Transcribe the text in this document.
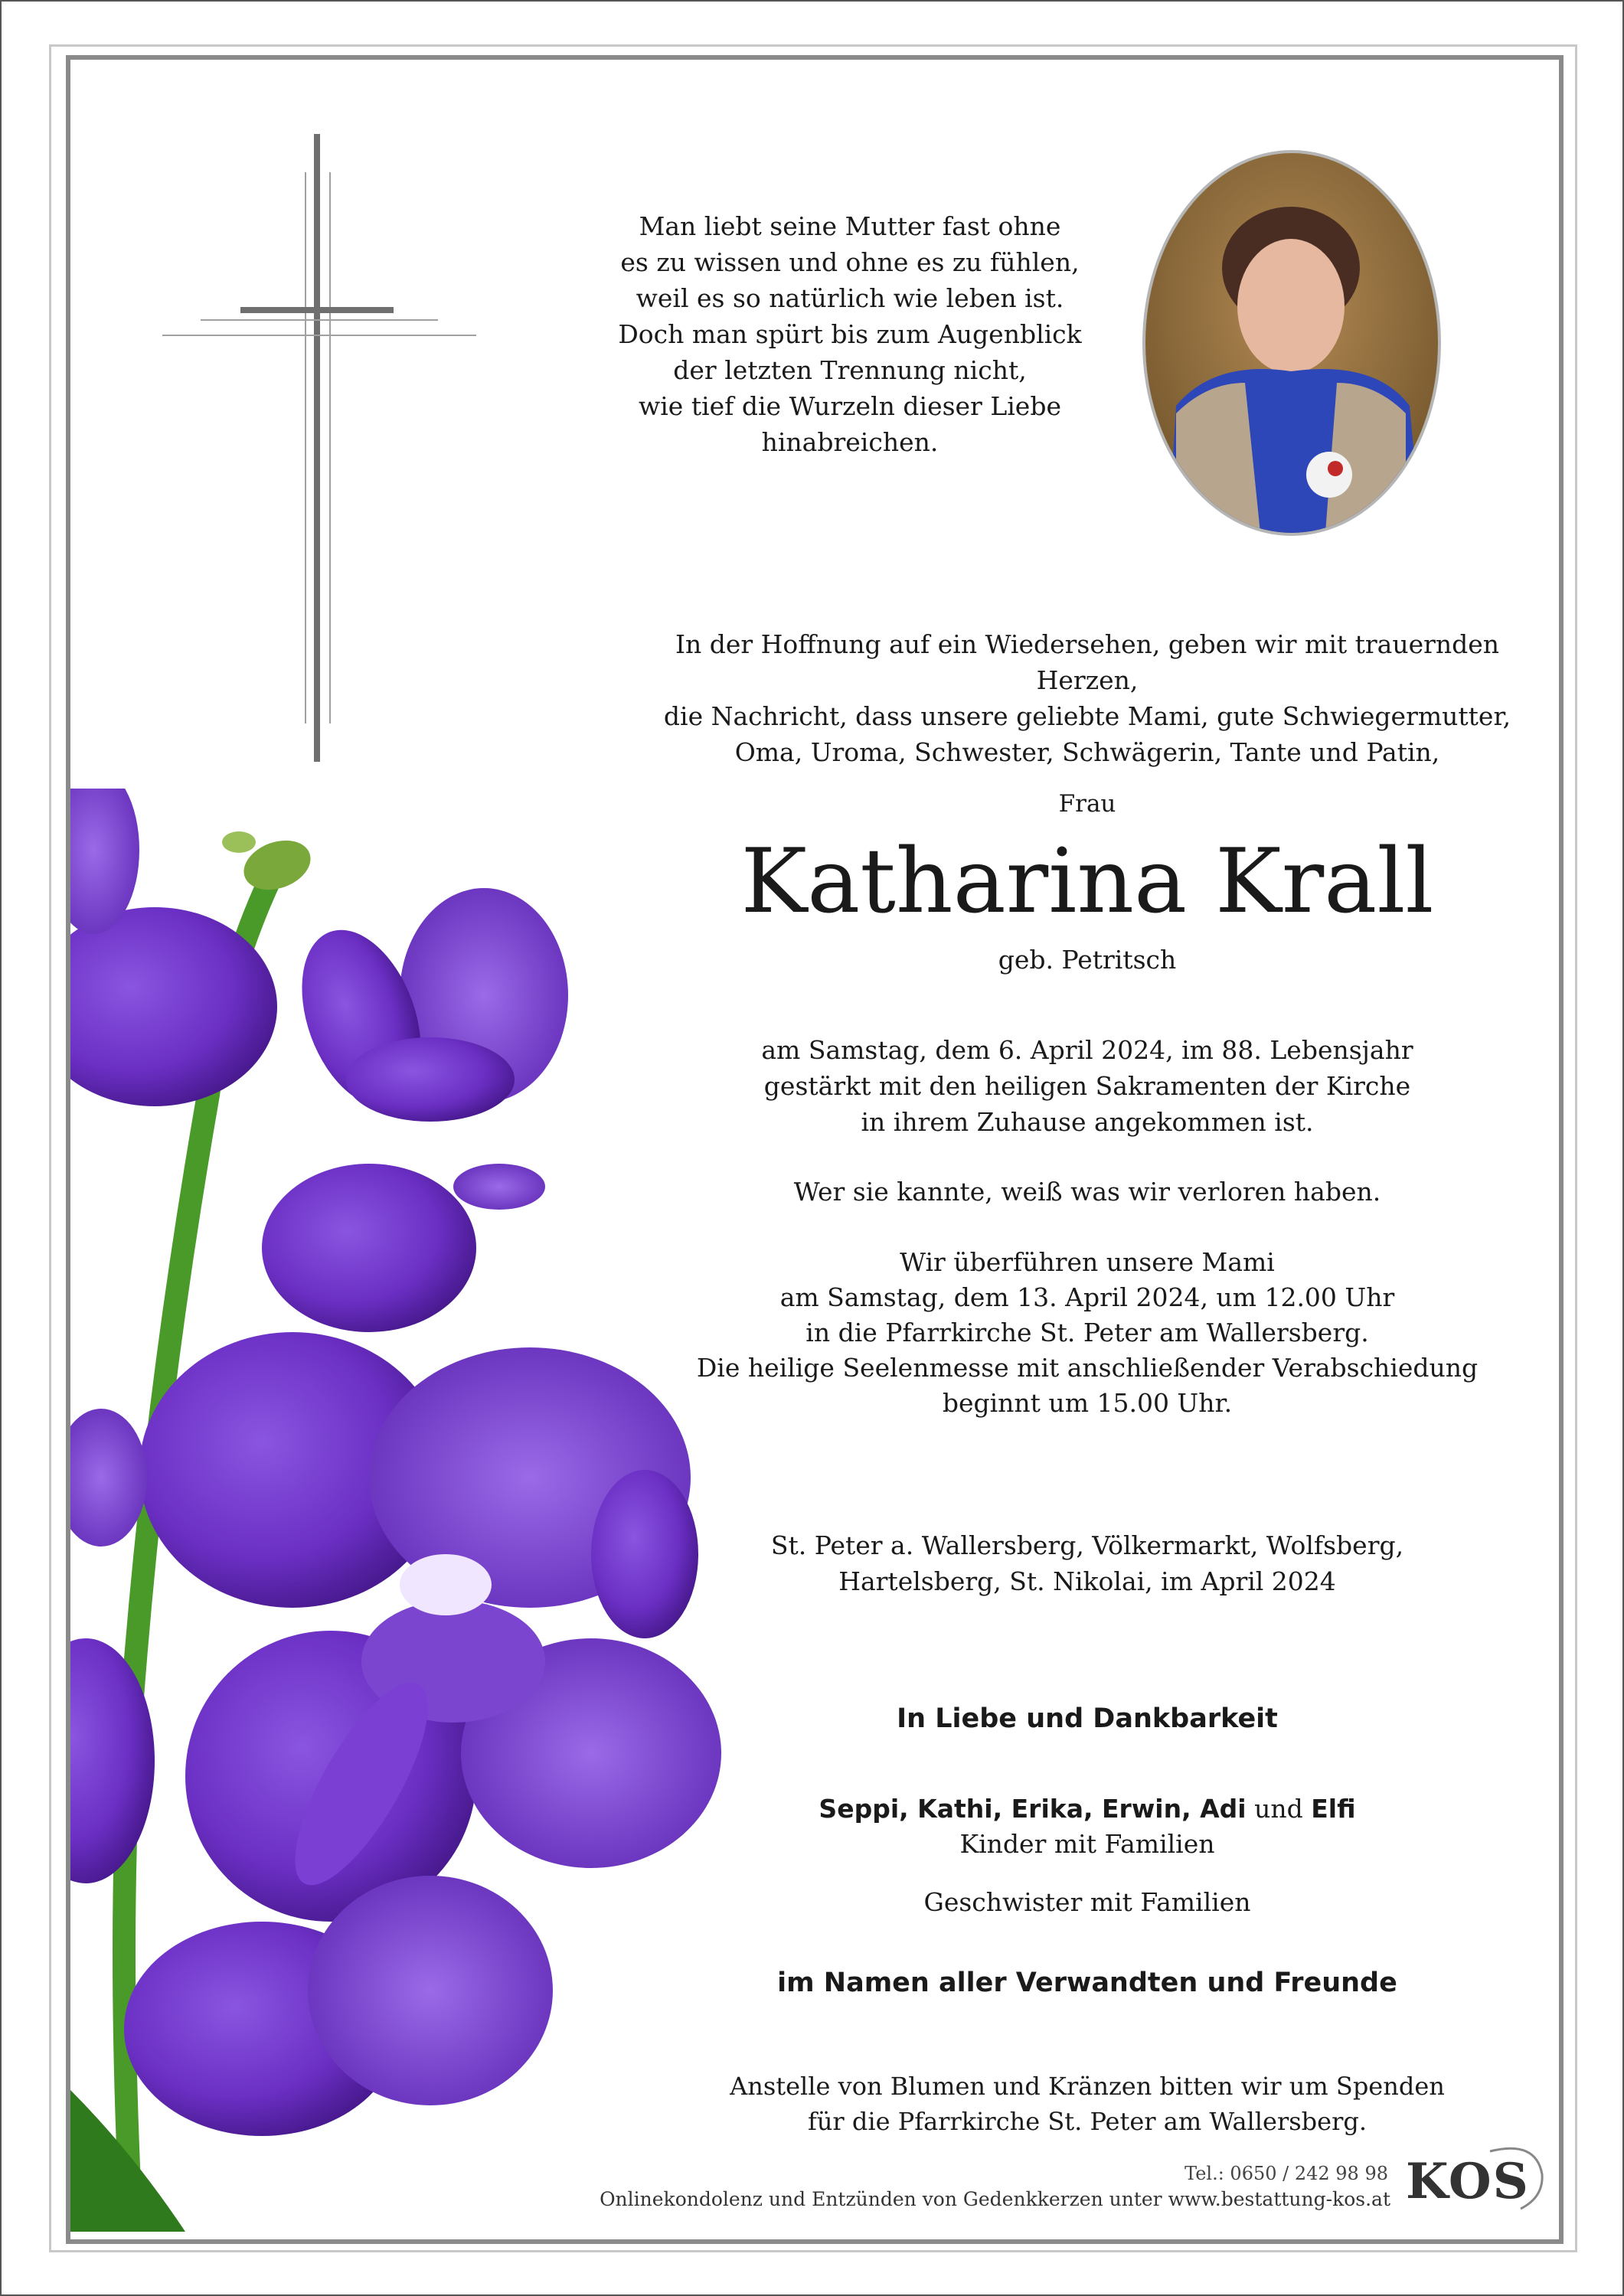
Man liebt seine Mutter fast ohne
es zu wissen und ohne es zu fühlen,
weil es so natürlich wie leben ist.
Doch man spürt bis zum Augenblick
der letzten Trennung nicht,
wie tief die Wurzeln dieser Liebe
hinabreichen.
In der Hoffnung auf ein Wiedersehen, geben wir mit trauernden Herzen,
die Nachricht, dass unsere geliebte Mami, gute Schwiegermutter,
Oma, Uroma, Schwester, Schwägerin, Tante und Patin,
Frau
Katharina Krall
geb. Petritsch
am Samstag, dem 6. April 2024, im 88. Lebensjahr
gestärkt mit den heiligen Sakramenten der Kirche
in ihrem Zuhause angekommen ist.
Wer sie kannte, weiß was wir verloren haben.
Wir überführen unsere Mami
am Samstag, dem 13. April 2024, um 12.00 Uhr
in die Pfarrkirche St. Peter am Wallersberg.
Die heilige Seelenmesse mit anschließender Verabschiedung
beginnt um 15.00 Uhr.
St. Peter a. Wallersberg, Völkermarkt, Wolfsberg,
Hartelsberg, St. Nikolai, im April 2024
In Liebe und Dankbarkeit
Seppi, Kathi, Erika, Erwin, Adi und Elfi
Kinder mit Familien
Geschwister mit Familien
im Namen aller Verwandten und Freunde
Anstelle von Blumen und Kränzen bitten wir um Spenden
für die Pfarrkirche St. Peter am Wallersberg.
Tel.: 0650 / 242 98 98
Onlinekondolenz und Entzünden von Gedenkkerzen unter www.bestattung-kos.at KOS
